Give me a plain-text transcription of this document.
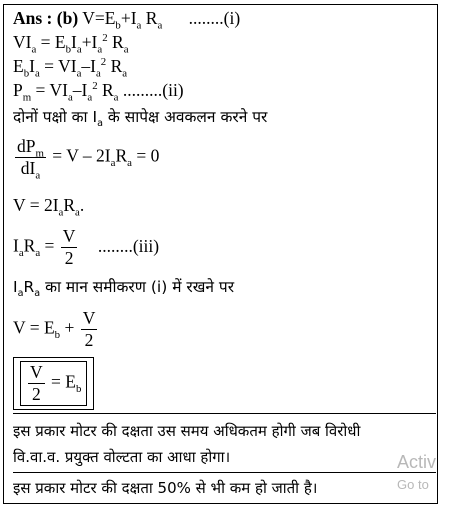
Ans : (b) $V=E_b+I_a$ $R_a$ ........(i)
$VI_a = E_bI_a+I_a^2$ $R_a$
$E_bI_a = VI_a-I_a^2$ $R_a$
$P_m = VI_a-I_a^2$ $R_a$ .........(ii)
दोनों पक्षो का $I_a$ के सापेक्ष अवकलन करने पर
$\frac{dP_m}{dI_a} = V - 2I_aR_a = 0$
$V = 2I_aR_a$.
$I_aR_a = \frac{V}{2} ........(iii)$
$I_aR_a$ का मान समीकरण (i) में रखने पर
$V = E_b + \frac{V}{2}$
$\frac{V}{2} = E_b$
इस प्रकार मोटर की दक्षता उस समय अधिकतम होगी जब विरोधी
वि.वा.व. प्रयुक्त वोल्टता का आधा होगा।
इस प्रकार मोटर की दक्षता 50% से भी कम हो जाती है।
Activ
Go to
